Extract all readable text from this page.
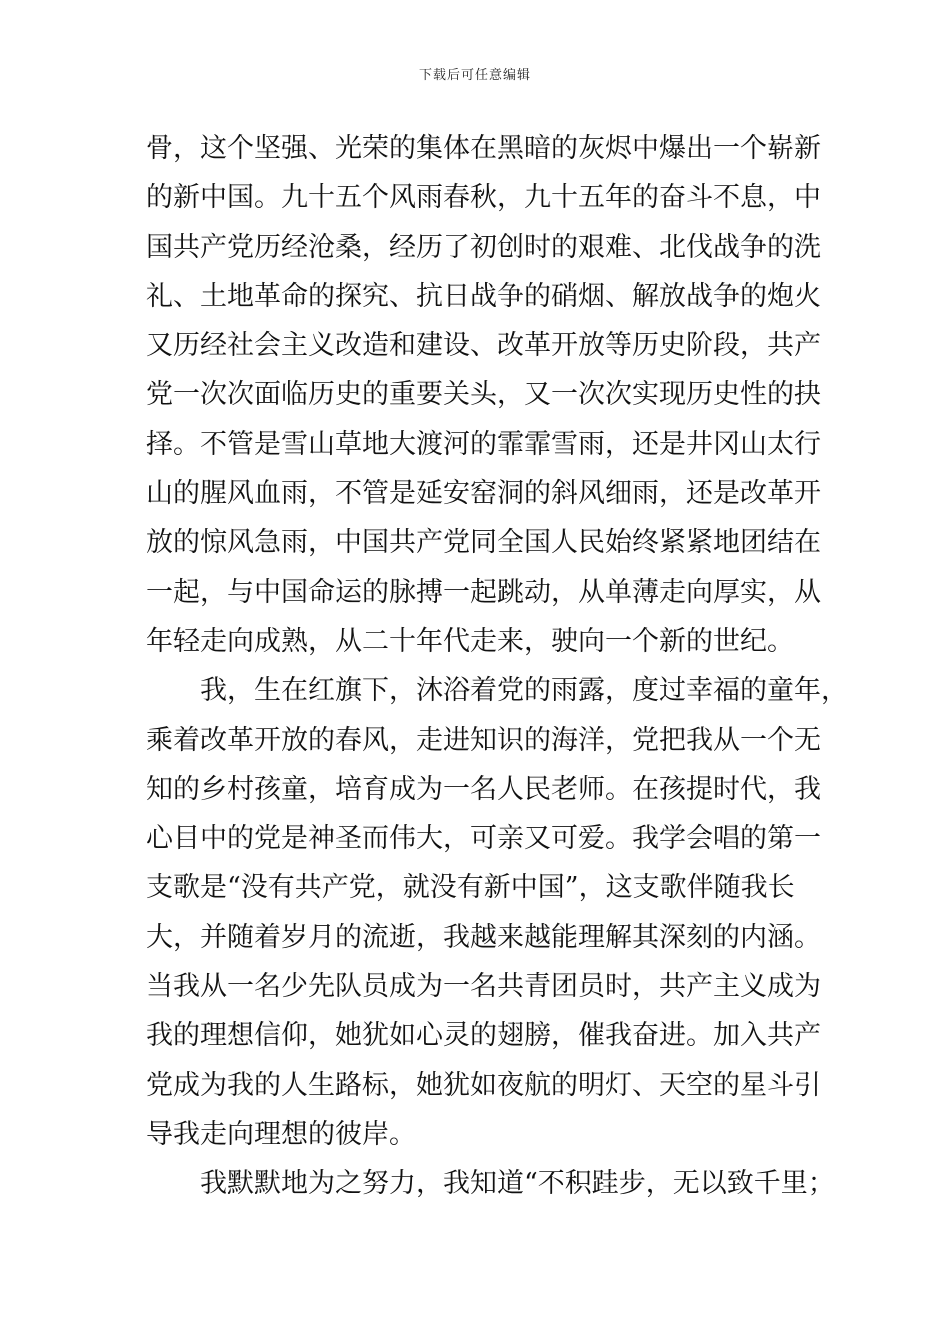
下载后可任意编辑
骨，这个坚强、光荣的集体在黑暗的灰烬中爆出一个崭新
的新中国。九十五个风雨春秋，九十五年的奋斗不息，中
国共产党历经沧桑，经历了初创时的艰难、北伐战争的洗
礼、土地革命的探究、抗日战争的硝烟、解放战争的炮火
又历经社会主义改造和建设、改革开放等历史阶段，共产
党一次次面临历史的重要关头，又一次次实现历史性的抉
择。不管是雪山草地大渡河的霏霏雪雨，还是井冈山太行
山的腥风血雨，不管是延安窑洞的斜风细雨，还是改革开
放的惊风急雨，中国共产党同全国人民始终紧紧地团结在
一起，与中国命运的脉搏一起跳动，从单薄走向厚实，从
年轻走向成熟，从二十年代走来，驶向一个新的世纪。
我，生在红旗下，沐浴着党的雨露，度过幸福的童年，
乘着改革开放的春风，走进知识的海洋，党把我从一个无
知的乡村孩童，培育成为一名人民老师。在孩提时代，我
心目中的党是神圣而伟大，可亲又可爱。我学会唱的第一
支歌是“没有共产党，就没有新中国”，这支歌伴随我长
大，并随着岁月的流逝，我越来越能理解其深刻的内涵。
当我从一名少先队员成为一名共青团员时，共产主义成为
我的理想信仰，她犹如心灵的翅膀，催我奋进。加入共产
党成为我的人生路标，她犹如夜航的明灯、天空的星斗引
导我走向理想的彼岸。
我默默地为之努力，我知道“不积跬步，无以致千里；
